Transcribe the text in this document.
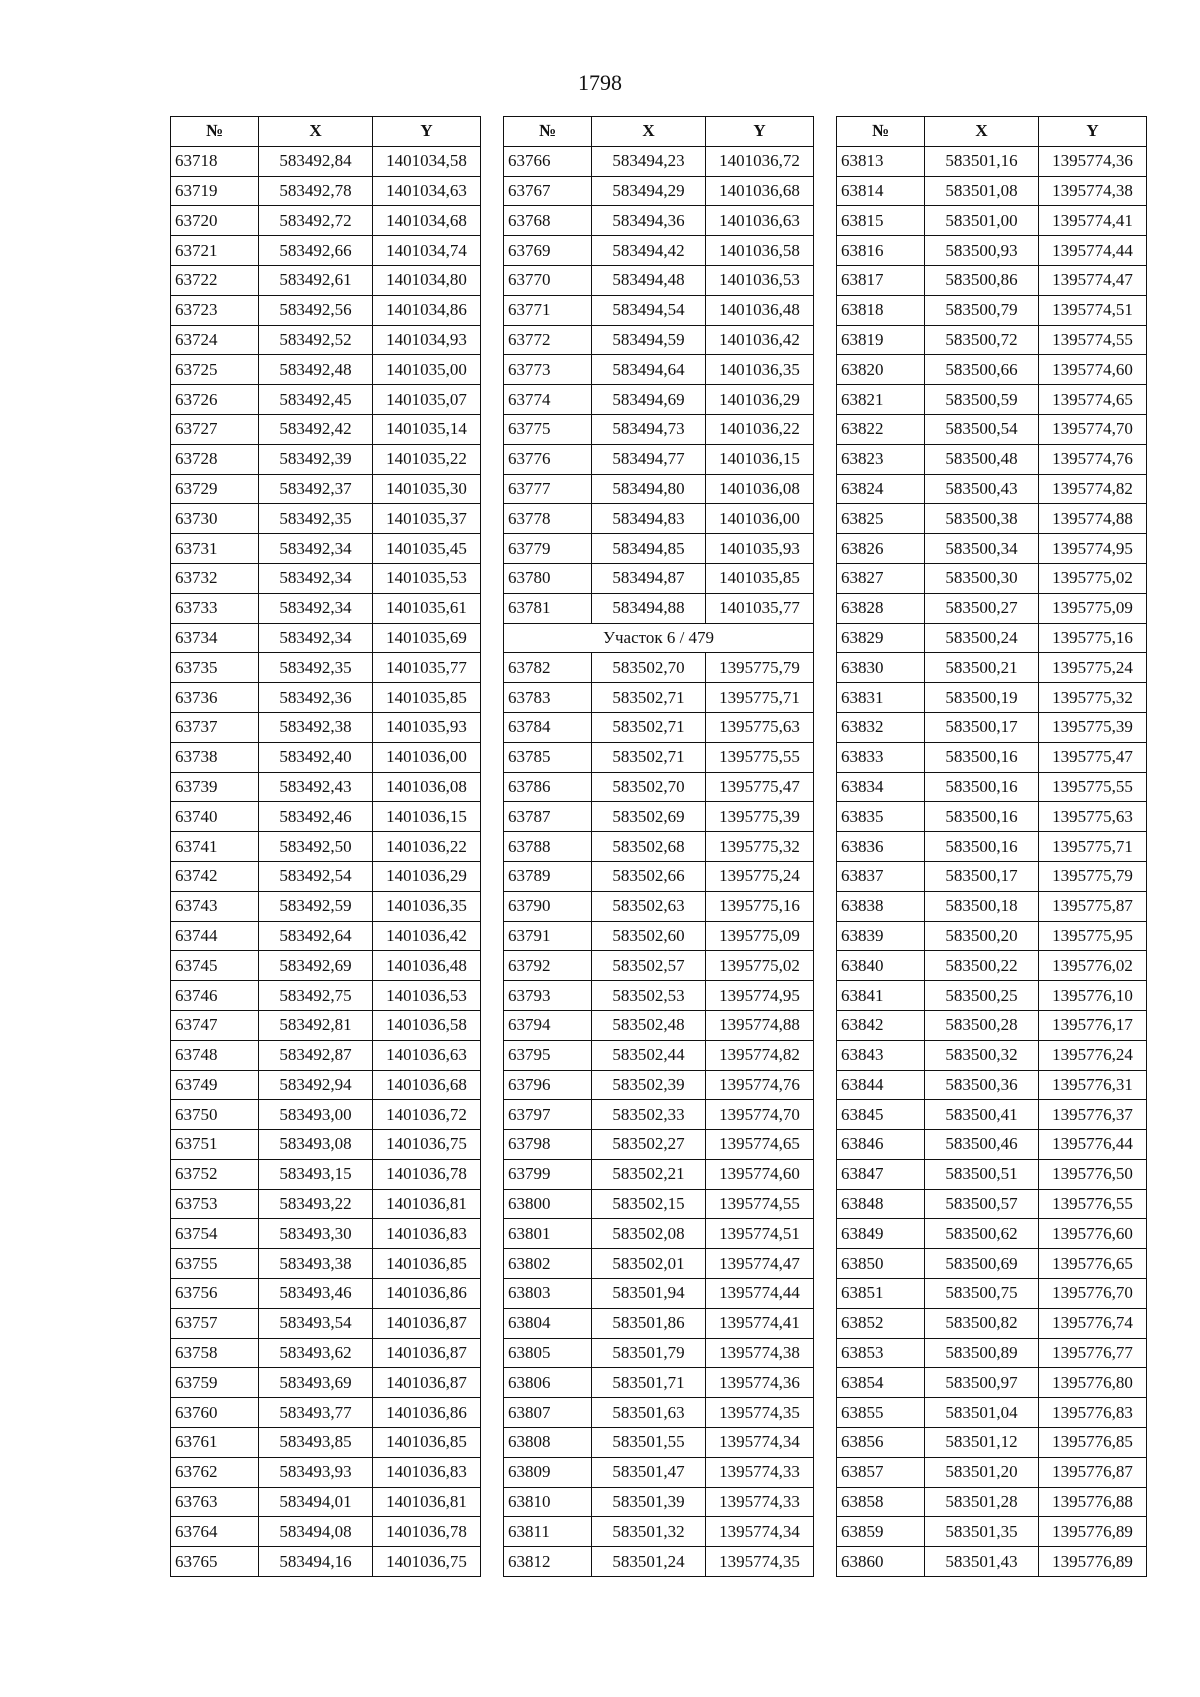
1798
№	X	Y
63718	583492,84	1401034,58
63719	583492,78	1401034,63
63720	583492,72	1401034,68
63721	583492,66	1401034,74
63722	583492,61	1401034,80
63723	583492,56	1401034,86
63724	583492,52	1401034,93
63725	583492,48	1401035,00
63726	583492,45	1401035,07
63727	583492,42	1401035,14
63728	583492,39	1401035,22
63729	583492,37	1401035,30
63730	583492,35	1401035,37
63731	583492,34	1401035,45
63732	583492,34	1401035,53
63733	583492,34	1401035,61
63734	583492,34	1401035,69
63735	583492,35	1401035,77
63736	583492,36	1401035,85
63737	583492,38	1401035,93
63738	583492,40	1401036,00
63739	583492,43	1401036,08
63740	583492,46	1401036,15
63741	583492,50	1401036,22
63742	583492,54	1401036,29
63743	583492,59	1401036,35
63744	583492,64	1401036,42
63745	583492,69	1401036,48
63746	583492,75	1401036,53
63747	583492,81	1401036,58
63748	583492,87	1401036,63
63749	583492,94	1401036,68
63750	583493,00	1401036,72
63751	583493,08	1401036,75
63752	583493,15	1401036,78
63753	583493,22	1401036,81
63754	583493,30	1401036,83
63755	583493,38	1401036,85
63756	583493,46	1401036,86
63757	583493,54	1401036,87
63758	583493,62	1401036,87
63759	583493,69	1401036,87
63760	583493,77	1401036,86
63761	583493,85	1401036,85
63762	583493,93	1401036,83
63763	583494,01	1401036,81
63764	583494,08	1401036,78
63765	583494,16	1401036,75
№	X	Y
63766	583494,23	1401036,72
63767	583494,29	1401036,68
63768	583494,36	1401036,63
63769	583494,42	1401036,58
63770	583494,48	1401036,53
63771	583494,54	1401036,48
63772	583494,59	1401036,42
63773	583494,64	1401036,35
63774	583494,69	1401036,29
63775	583494,73	1401036,22
63776	583494,77	1401036,15
63777	583494,80	1401036,08
63778	583494,83	1401036,00
63779	583494,85	1401035,93
63780	583494,87	1401035,85
63781	583494,88	1401035,77
Участок 6 / 479		
63782	583502,70	1395775,79
63783	583502,71	1395775,71
63784	583502,71	1395775,63
63785	583502,71	1395775,55
63786	583502,70	1395775,47
63787	583502,69	1395775,39
63788	583502,68	1395775,32
63789	583502,66	1395775,24
63790	583502,63	1395775,16
63791	583502,60	1395775,09
63792	583502,57	1395775,02
63793	583502,53	1395774,95
63794	583502,48	1395774,88
63795	583502,44	1395774,82
63796	583502,39	1395774,76
63797	583502,33	1395774,70
63798	583502,27	1395774,65
63799	583502,21	1395774,60
63800	583502,15	1395774,55
63801	583502,08	1395774,51
63802	583502,01	1395774,47
63803	583501,94	1395774,44
63804	583501,86	1395774,41
63805	583501,79	1395774,38
63806	583501,71	1395774,36
63807	583501,63	1395774,35
63808	583501,55	1395774,34
63809	583501,47	1395774,33
63810	583501,39	1395774,33
63811	583501,32	1395774,34
63812	583501,24	1395774,35
№	X	Y
63813	583501,16	1395774,36
63814	583501,08	1395774,38
63815	583501,00	1395774,41
63816	583500,93	1395774,44
63817	583500,86	1395774,47
63818	583500,79	1395774,51
63819	583500,72	1395774,55
63820	583500,66	1395774,60
63821	583500,59	1395774,65
63822	583500,54	1395774,70
63823	583500,48	1395774,76
63824	583500,43	1395774,82
63825	583500,38	1395774,88
63826	583500,34	1395774,95
63827	583500,30	1395775,02
63828	583500,27	1395775,09
63829	583500,24	1395775,16
63830	583500,21	1395775,24
63831	583500,19	1395775,32
63832	583500,17	1395775,39
63833	583500,16	1395775,47
63834	583500,16	1395775,55
63835	583500,16	1395775,63
63836	583500,16	1395775,71
63837	583500,17	1395775,79
63838	583500,18	1395775,87
63839	583500,20	1395775,95
63840	583500,22	1395776,02
63841	583500,25	1395776,10
63842	583500,28	1395776,17
63843	583500,32	1395776,24
63844	583500,36	1395776,31
63845	583500,41	1395776,37
63846	583500,46	1395776,44
63847	583500,51	1395776,50
63848	583500,57	1395776,55
63849	583500,62	1395776,60
63850	583500,69	1395776,65
63851	583500,75	1395776,70
63852	583500,82	1395776,74
63853	583500,89	1395776,77
63854	583500,97	1395776,80
63855	583501,04	1395776,83
63856	583501,12	1395776,85
63857	583501,20	1395776,87
63858	583501,28	1395776,88
63859	583501,35	1395776,89
63860	583501,43	1395776,89
